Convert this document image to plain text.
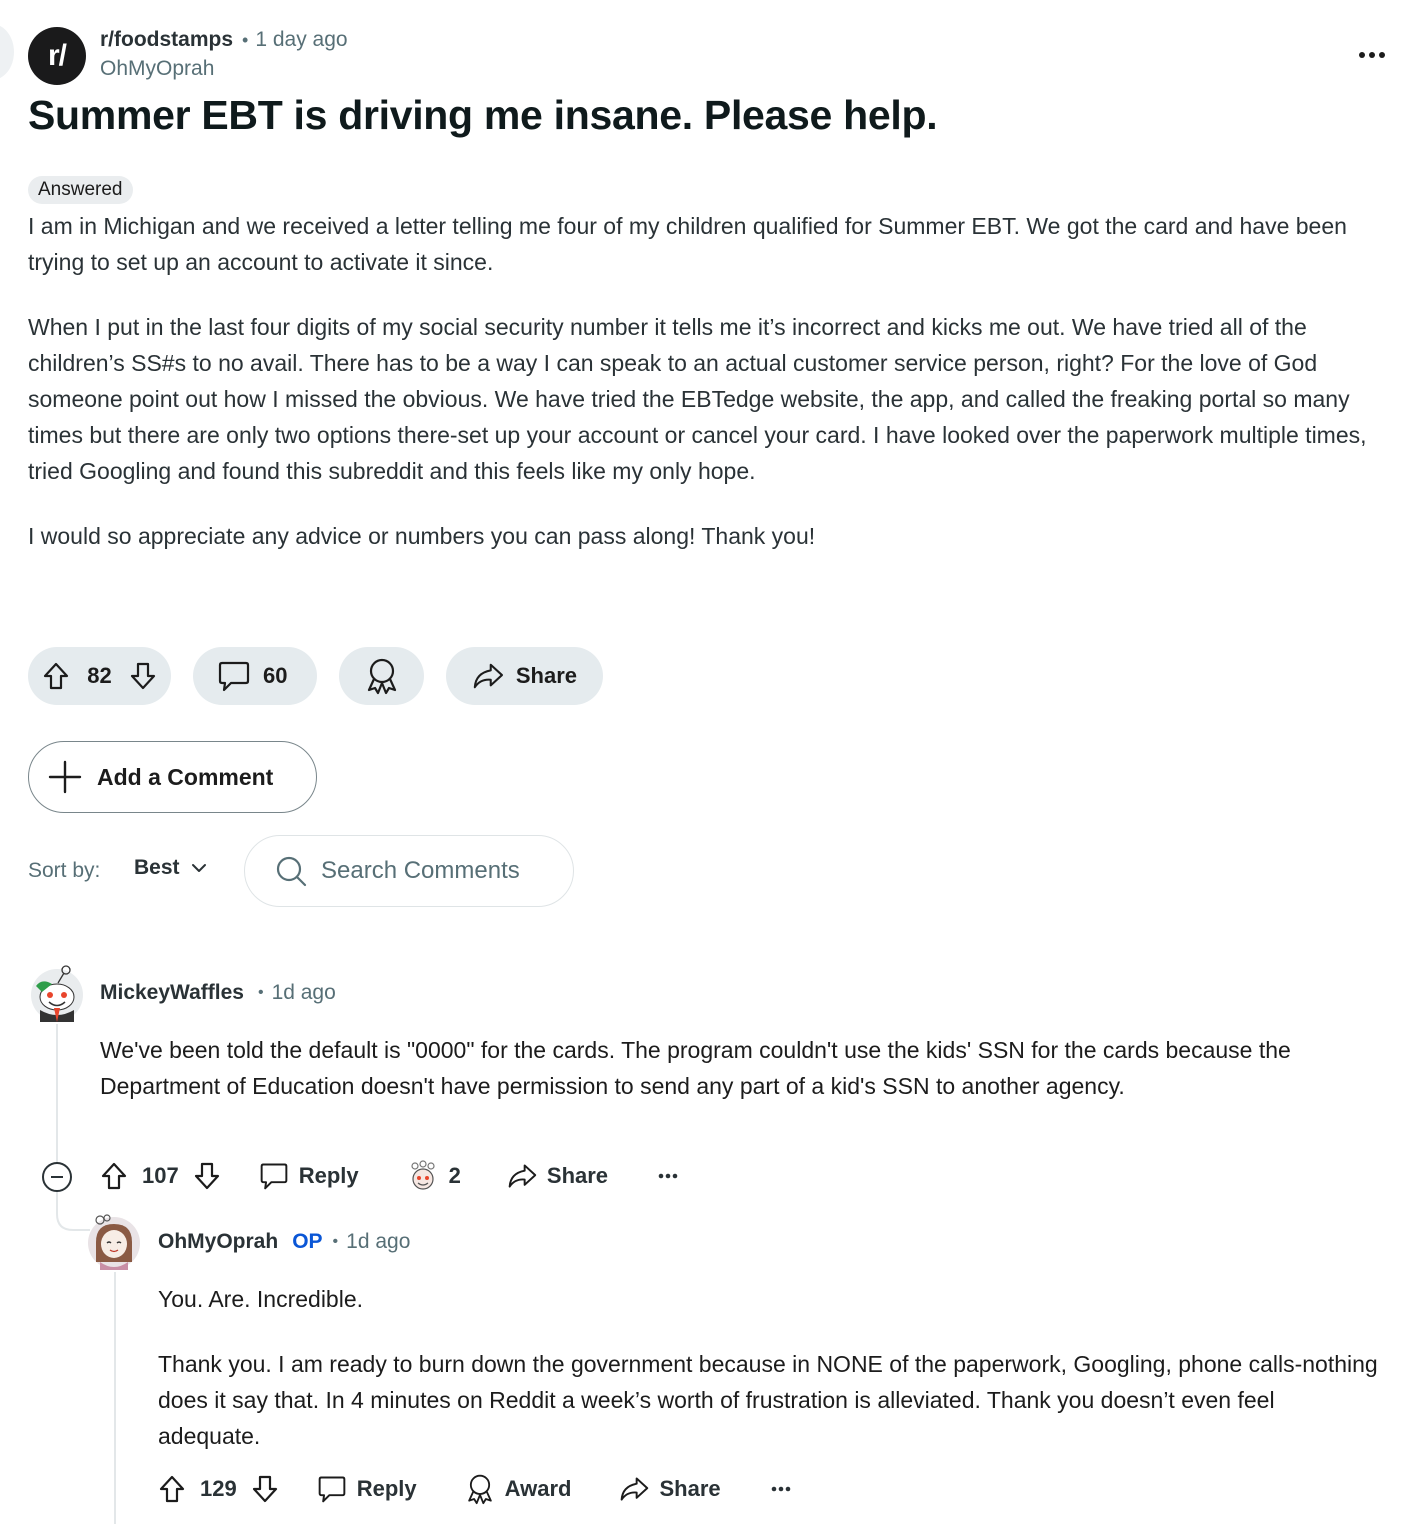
r/ r/foodstamps • 1 day ago
OhMyOprah
Summer EBT is driving me insane. Please help.
Answered

I am in Michigan and we received a letter telling me four of my children qualified for Summer EBT. We got the card and have been trying to set up an account to activate it since.

When I put in the last four digits of my social security number it tells me it’s incorrect and kicks me out. We have tried all of the children’s SS#s to no avail. There has to be a way I can speak to an actual customer service person, right? For the love of God someone point out how I missed the obvious. We have tried the EBTedge website, the app, and called the freaking portal so many times but there are only two options there-set up your account or cancel your card. I have looked over the paperwork multiple times, tried Googling and found this subreddit and this feels like my only hope.

I would so appreciate any advice or numbers you can pass along! Thank you!

82	60	Share
Add a Comment
Sort by: Best	Search Comments
MickeyWaffles • 1d ago

We've been told the default is "0000" for the cards. The program couldn't use the kids' SSN for the cards because the Department of Education doesn't have permission to send any part of a kid's SSN to another agency.

107	Reply	2	Share
OhMyOprah OP • 1d ago

You. Are. Incredible.

Thank you. I am ready to burn down the government because in NONE of the paperwork, Googling, phone calls-nothing does it say that. In 4 minutes on Reddit a week’s worth of frustration is alleviated. Thank you doesn’t even feel adequate.

129	Reply	Award	Share
